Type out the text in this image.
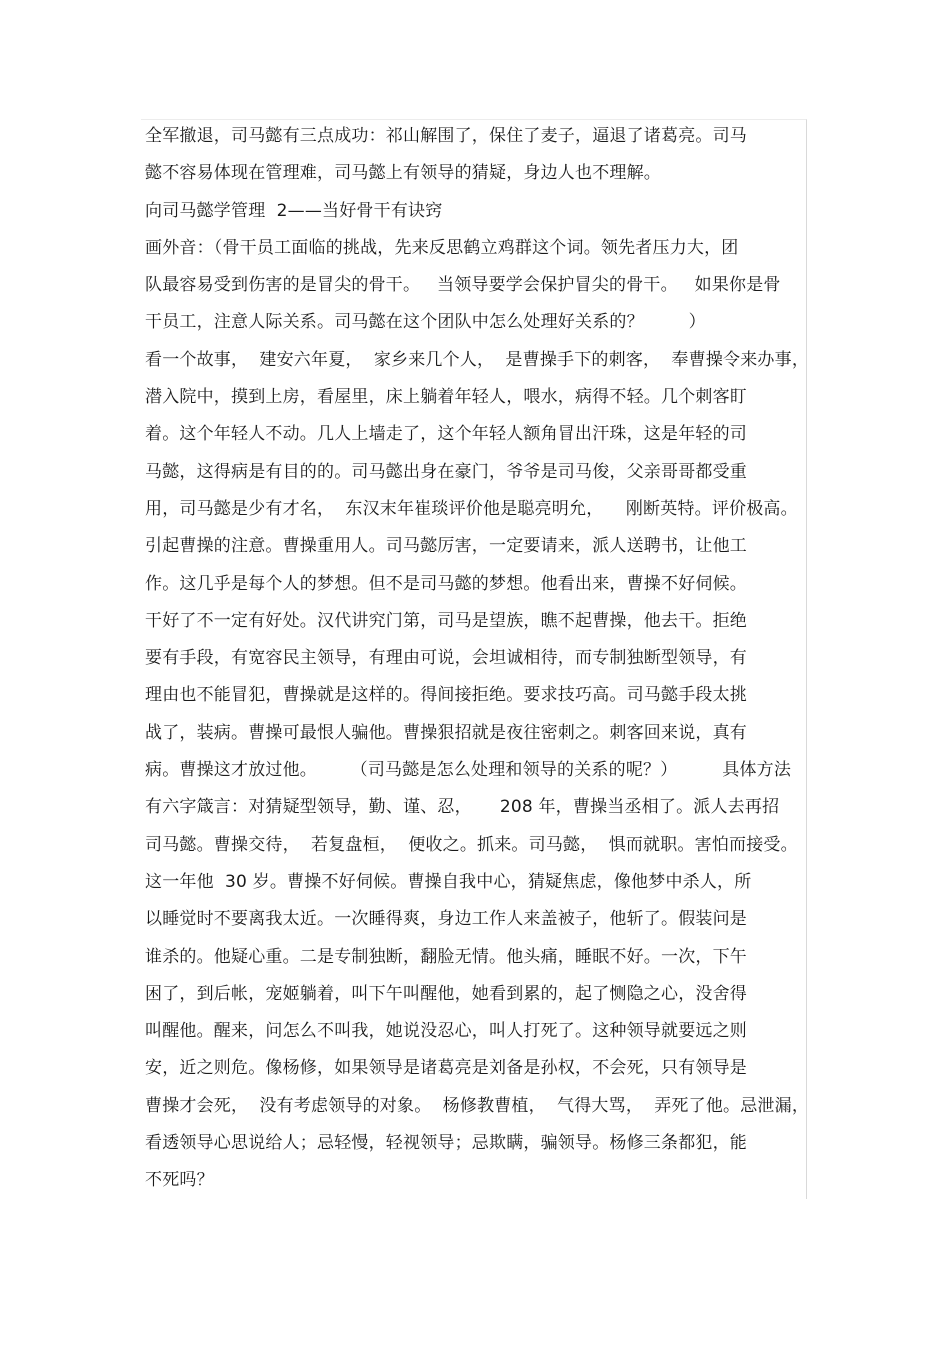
全军撤退，司马懿有三点成功：祁山解围了，保住了麦子，逼退了诸葛亮。司马
懿不容易体现在管理难，司马懿上有领导的猜疑，身边人也不理解。
向司马懿学管理  2——当好骨干有诀窍
画外音：（骨干员工面临的挑战，先来反思鹤立鸡群这个词。领先者压力大，团
队最容易受到伤害的是冒尖的骨干。   当领导要学会保护冒尖的骨干。   如果你是骨
干员工，注意人际关系。司马懿在这个团队中怎么处理好关系的？        ）
看一个故事，  建安六年夏，  家乡来几个人，  是曹操手下的刺客，  奉曹操令来办事，
潜入院中，摸到上房，看屋里，床上躺着年轻人，喂水，病得不轻。几个刺客盯
着。这个年轻人不动。几人上墙走了，这个年轻人额角冒出汗珠，这是年轻的司
马懿，这得病是有目的的。司马懿出身在豪门，爷爷是司马俊，父亲哥哥都受重
用，司马懿是少有才名，  东汉末年崔琰评价他是聪亮明允，    刚断英特。评价极高。
引起曹操的注意。曹操重用人。司马懿厉害，一定要请来，派人送聘书，让他工
作。这几乎是每个人的梦想。但不是司马懿的梦想。他看出来，曹操不好伺候。
干好了不一定有好处。汉代讲究门第，司马是望族，瞧不起曹操，他去干。拒绝
要有手段，有宽容民主领导，有理由可说，会坦诚相待，而专制独断型领导，有
理由也不能冒犯，曹操就是这样的。得间接拒绝。要求技巧高。司马懿手段太挑
战了，装病。曹操可最恨人骗他。曹操狠招就是夜往密刺之。刺客回来说，真有
病。曹操这才放过他。      （司马懿是怎么处理和领导的关系的呢？）        具体方法
有六字箴言：对猜疑型领导，勤、谨、忍，     208 年，曹操当丞相了。派人去再招
司马懿。曹操交待，  若复盘桓，  便收之。抓来。司马懿，  惧而就职。害怕而接受。
这一年他  30 岁。曹操不好伺候。曹操自我中心，猜疑焦虑，像他梦中杀人，所
以睡觉时不要离我太近。一次睡得爽，身边工作人来盖被子，他斩了。假装问是
谁杀的。他疑心重。二是专制独断，翻脸无情。他头痛，睡眠不好。一次，下午
困了，到后帐，宠姬躺着，叫下午叫醒他，她看到累的，起了恻隐之心，没舍得
叫醒他。醒来，问怎么不叫我，她说没忍心，叫人打死了。这种领导就要远之则
安，近之则危。像杨修，如果领导是诸葛亮是刘备是孙权，不会死，只有领导是
曹操才会死，  没有考虑领导的对象。  杨修教曹植，  气得大骂，  弄死了他。忌泄漏，
看透领导心思说给人；忌轻慢，轻视领导；忌欺瞒，骗领导。杨修三条都犯，能
不死吗？
